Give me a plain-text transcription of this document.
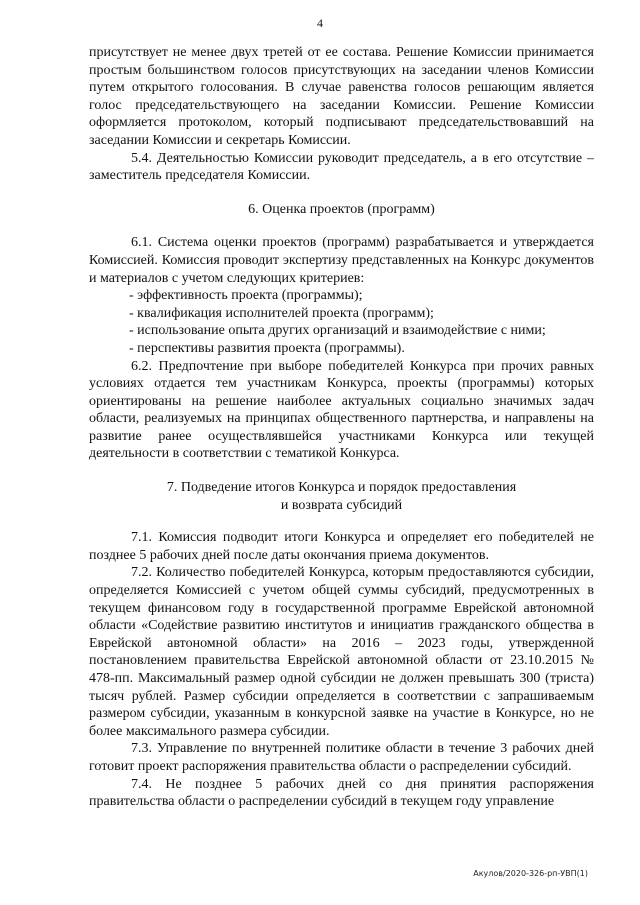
4

присутствует не менее двух третей от ее состава. Решение Комиссии принимается простым большинством голосов присутствующих на заседании членов Комиссии путем открытого голосования. В случае равенства голосов решающим является голос председательствующего на заседании Комиссии. Решение Комиссии оформляется протоколом, который подписывают председательствовавший на заседании Комиссии и секретарь Комиссии.

5.4. Деятельностью Комиссии руководит председатель, а в его отсутствие – заместитель председателя Комиссии.

6. Оценка проектов (программ)

6.1. Система оценки проектов (программ) разрабатывается и утверждается Комиссией. Комиссия проводит экспертизу представленных на Конкурс документов и материалов с учетом следующих критериев:

- эффективность проекта (программы);

- квалификация исполнителей проекта (программ);

- использование опыта других организаций и взаимодействие с ними;

- перспективы развития проекта (программы).

6.2. Предпочтение при выборе победителей Конкурса при прочих равных условиях отдается тем участникам Конкурса, проекты (программы) которых ориентированы на решение наиболее актуальных социально значимых задач области, реализуемых на принципах общественного партнерства, и направлены на развитие ранее осуществлявшейся участниками Конкурса или текущей деятельности в соответствии с тематикой Конкурса.

7. Подведение итогов Конкурса и порядок предоставления
и возврата субсидий

7.1. Комиссия подводит итоги Конкурса и определяет его победителей не позднее 5 рабочих дней после даты окончания приема документов.

7.2. Количество победителей Конкурса, которым предоставляются субсидии, определяется Комиссией с учетом общей суммы субсидий, предусмотренных в текущем финансовом году в государственной программе Еврейской автономной области «Содействие развитию институтов и инициатив гражданского общества в Еврейской автономной области» на 2016 – 2023 годы, утвержденной постановлением правительства Еврейской автономной области от 23.10.2015 № 478-пп. Максимальный размер одной субсидии не должен превышать 300 (триста) тысяч рублей. Размер субсидии определяется в соответствии с запрашиваемым размером субсидии, указанным в конкурсной заявке на участие в Конкурсе, но не более максимального размера субсидии.

7.3. Управление по внутренней политике области в течение 3 рабочих дней готовит проект распоряжения правительства области о распределении субсидий.

7.4. Не позднее 5 рабочих дней со дня принятия распоряжения правительства области о распределении субсидий в текущем году управление

Акулов/2020-326-рп-УВП(1)
